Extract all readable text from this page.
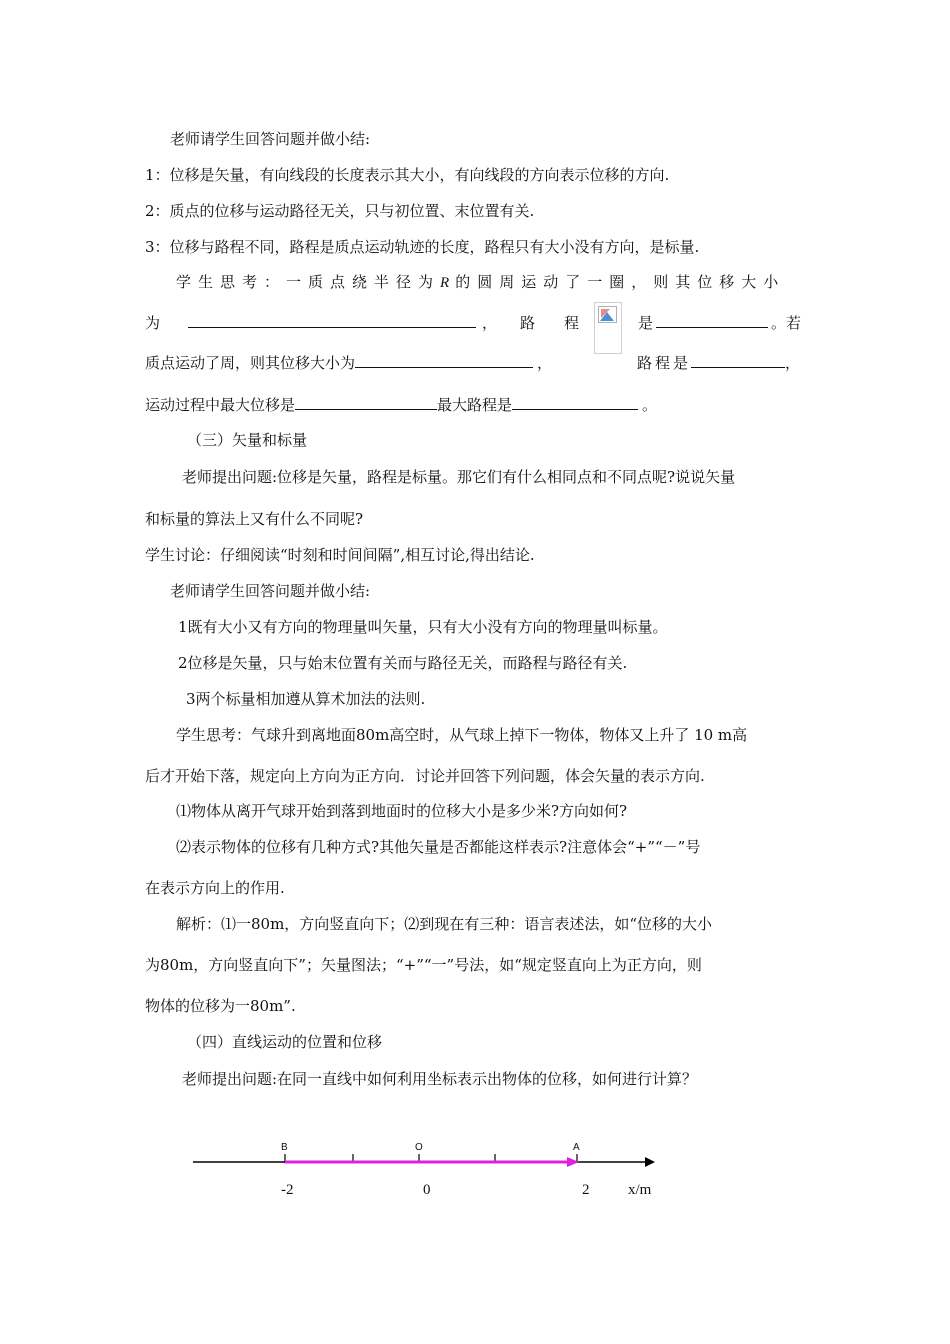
老师请学生回答问题并做小结:
1：位移是矢量，有向线段的长度表示其大小，有向线段的方向表示位移的方向.
2：质点的位移与运动路径无关，只与初位置、末位置有关.
3：位移与路程不同，路程是质点运动轨迹的长度，路程只有大小没有方向，是标量.
学生思考：一质点绕半径为R 的圆周运动了一圈，则其位移大小
为	， 路 程	是	。若
质点运动了周，则其位移大小为	，	路程是	，
运动过程中最大位移是	最大路程是	。
（三）矢量和标量
老师提出问题:位移是矢量，路程是标量。那它们有什么相同点和不同点呢?说说矢量
和标量的算法上又有什么不同呢?
学生讨论：仔细阅读“时刻和时间间隔”,相互讨论,得出结论.
老师请学生回答问题并做小结:
1既有大小又有方向的物理量叫矢量，只有大小没有方向的物理量叫标量。
2位移是矢量，只与始末位置有关而与路径无关，而路程与路径有关.
3两个标量相加遵从算术加法的法则.
学生思考：气球升到离地面80m高空时，从气球上掉下一物体，物体又上升了 10 m高
后才开始下落，规定向上方向为正方向．讨论并回答下列问题，体会矢量的表示方向.
⑴物体从离开气球开始到落到地面时的位移大小是多少米?方向如何?
⑵表示物体的位移有几种方式?其他矢量是否都能这样表示?注意体会“+”“－”号
在表示方向上的作用.
解析：⑴一80m，方向竖直向下；⑵到现在有三种：语言表述法，如“位移的大小
为80m，方向竖直向下”；矢量图法；“+”“一”号法，如“规定竖直向上为正方向，则
物体的位移为一80m”.
（四）直线运动的位置和位移
老师提出问题:在同一直线中如何利用坐标表示出物体的位移，如何进行计算？
B	O	A
-2	0	2	x/m
